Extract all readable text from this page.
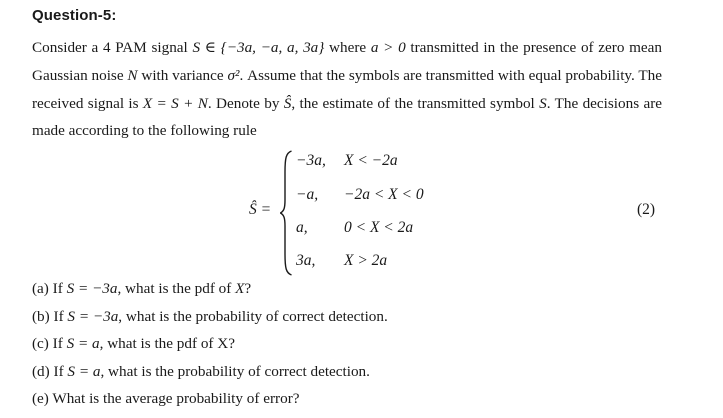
Question-5:
Consider a 4 PAM signal S ∈ {−3a, −a, a, 3a} where a > 0 transmitted in the presence of zero mean Gaussian noise N with variance σ². Assume that the symbols are transmitted with equal probability. The received signal is X = S + N. Denote by Ŝ, the estimate of the transmitted symbol S. The decisions are made according to the following rule
Ŝ =
−3a, X < −2a
−a, −2a < X < 0
a, 0 < X < 2a
3a, X > 2a
(2)
(a) If S = −3a, what is the pdf of X?
(b) If S = −3a, what is the probability of correct detection.
(c) If S = a, what is the pdf of X?
(d) If S = a, what is the probability of correct detection.
(e) What is the average probability of error?
